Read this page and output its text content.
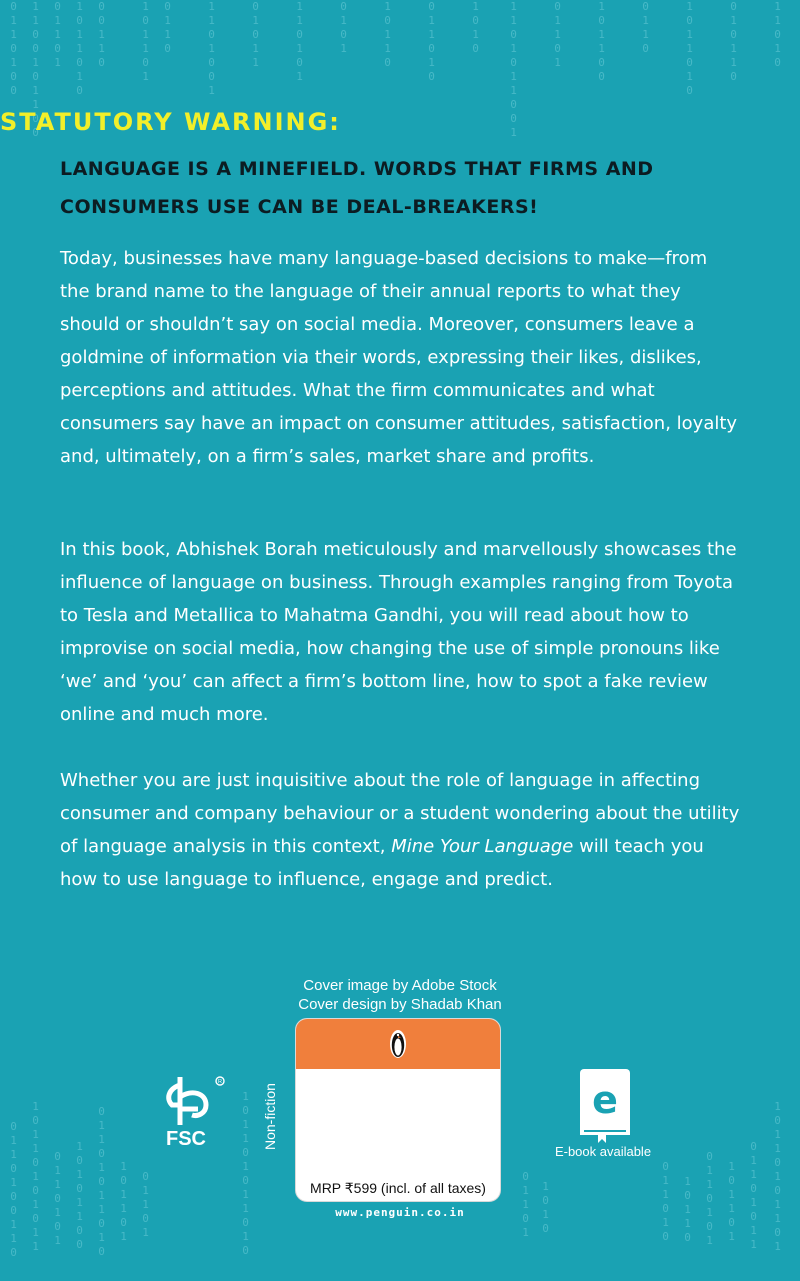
0110100 1100101100 01101 1011010 00110	101101 0110	1101001	01011	110101	0101	10110	011010	1010 1101011001	01101	101100	0110	1011010	010110	11010
0110100110 10110101011 0110101 10101100 01101011010 101101 01101	101101011010	01101 1010	011010 10110 0110101 101101 01101011 10110101101
STATUTORY WARNING:
LANGUAGE IS A MINEFIELD. WORDS THAT FIRMS AND
CONSUMERS USE CAN BE DEAL-BREAKERS!
Today, businesses have many language-based decisions to make—from the brand name to the language of their annual reports to what they should or shouldn’t say on social media. Moreover, consumers leave a goldmine of information via their words, expressing their likes, dislikes, perceptions and attitudes. What the firm communicates and what consumers say have an impact on consumer attitudes, satisfaction, loyalty and, ultimately, on a firm’s sales, market share and profits.
In this book, Abhishek Borah meticulously and marvellously showcases the influence of language on business. Through examples ranging from Toyota to Tesla and Metallica to Mahatma Gandhi, you will read about how to improvise on social media, how changing the use of simple pronouns like ‘we’ and ‘you’ can affect a firm’s bottom line, how to spot a fake review online and much more.
Whether you are just inquisitive about the role of language in affecting consumer and company behaviour or a student wondering about the utility of language analysis in this context, Mine Your Language will teach you how to use language to influence, engage and predict.
Cover image by Adobe Stock
Cover design by Shadab Khan
Non-fiction
MRP ₹599 (incl. of all taxes)
www.penguin.co.in
R
FSC
e
E-book available
